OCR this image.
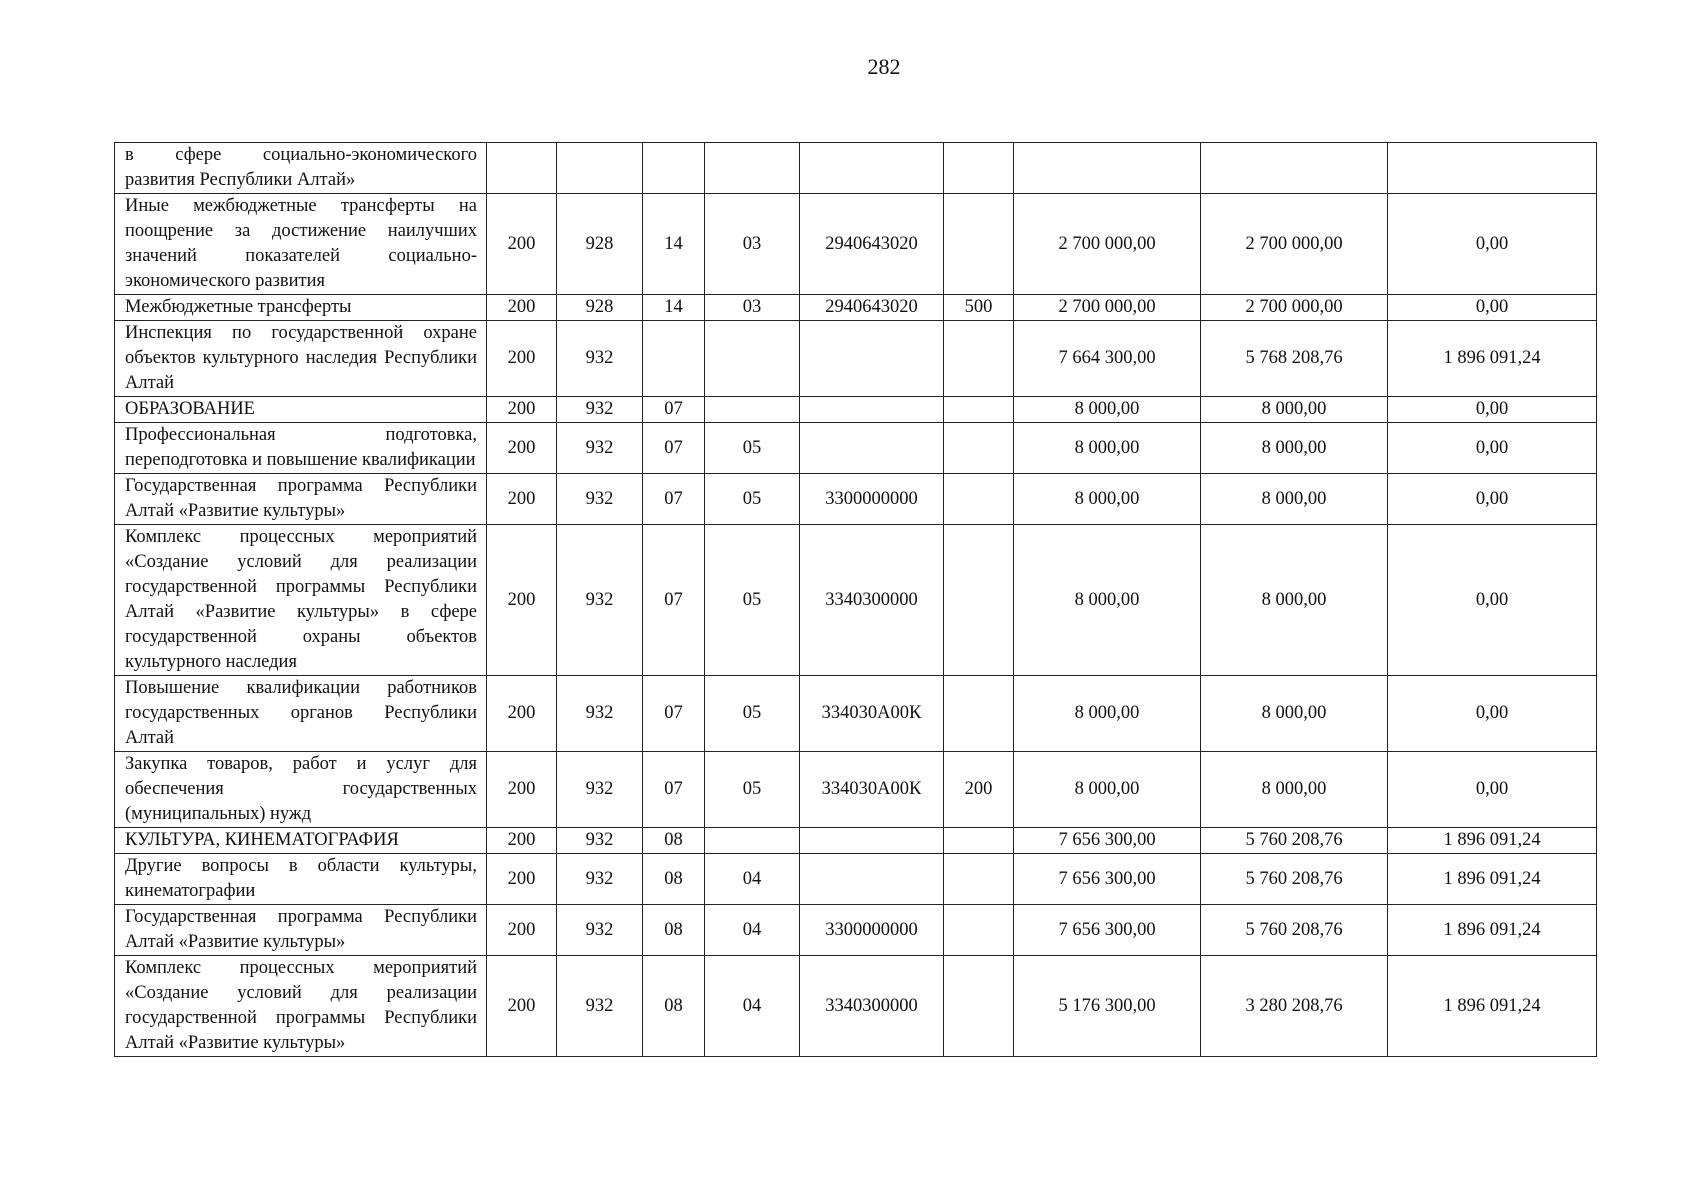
282
в сфере социально-экономического развития Республики Алтай»									
Иные межбюджетные трансферты на поощрение за достижение наилучших значений показателей социально-экономического развития	200	928	14	03	2940643020		2 700 000,00	2 700 000,00	0,00
Межбюджетные трансферты	200	928	14	03	2940643020	500	2 700 000,00	2 700 000,00	0,00
Инспекция по государственной охране объектов культурного наследия Республики Алтай	200	932					7 664 300,00	5 768 208,76	1 896 091,24
ОБРАЗОВАНИЕ	200	932	07				8 000,00	8 000,00	0,00
Профессиональная подготовка, переподготовка и повышение квалификации	200	932	07	05			8 000,00	8 000,00	0,00
Государственная программа Республики Алтай «Развитие культуры»	200	932	07	05	3300000000		8 000,00	8 000,00	0,00
Комплекс процессных мероприятий «Создание условий для реализации государственной программы Республики Алтай «Развитие культуры» в сфере государственной охраны объектов культурного наследия	200	932	07	05	3340300000		8 000,00	8 000,00	0,00
Повышение квалификации работников государственных органов Республики Алтай	200	932	07	05	334030А00К		8 000,00	8 000,00	0,00
Закупка товаров, работ и услуг для обеспечения государственных (муниципальных) нужд	200	932	07	05	334030А00К	200	8 000,00	8 000,00	0,00
КУЛЬТУРА, КИНЕМАТОГРАФИЯ	200	932	08				7 656 300,00	5 760 208,76	1 896 091,24
Другие вопросы в области культуры, кинематографии	200	932	08	04			7 656 300,00	5 760 208,76	1 896 091,24
Государственная программа Республики Алтай «Развитие культуры»	200	932	08	04	3300000000		7 656 300,00	5 760 208,76	1 896 091,24
Комплекс процессных мероприятий «Создание условий для реализации государственной программы Республики Алтай «Развитие культуры»	200	932	08	04	3340300000		5 176 300,00	3 280 208,76	1 896 091,24
